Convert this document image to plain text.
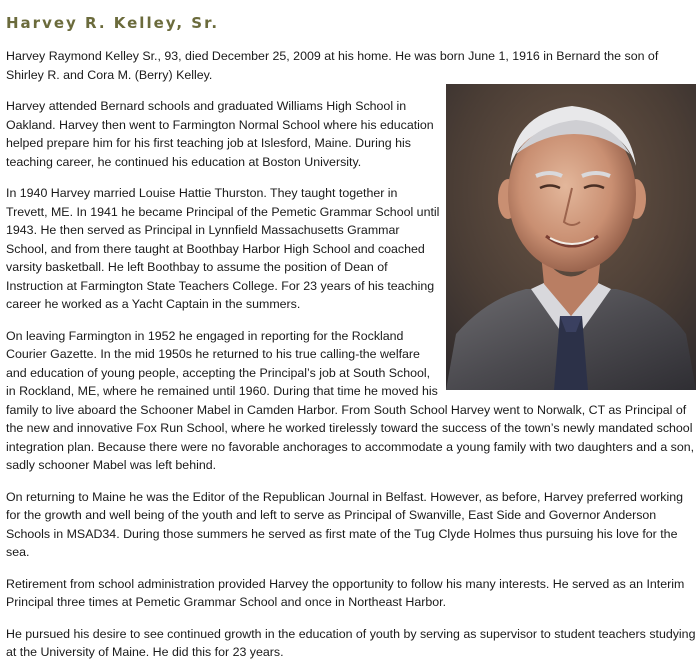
Harvey R. Kelley, Sr.

Harvey Raymond Kelley Sr., 93, died December 25, 2009 at his home. He was born June 1, 1916 in Bernard the son of Shirley R. and Cora M. (Berry) Kelley.

Harvey attended Bernard schools and graduated Williams High School in Oakland. Harvey then went to Farmington Normal School where his education helped prepare him for his first teaching job at Islesford, Maine. During his teaching career, he continued his education at Boston University.

In 1940 Harvey married Louise Hattie Thurston. They taught together in Trevett, ME. In 1941 he became Principal of the Pemetic Grammar School until 1943. He then served as Principal in Lynnfield Massachusetts Grammar School, and from there taught at Boothbay Harbor High School and coached varsity basketball. He left Boothbay to assume the position of Dean of Instruction at Farmington State Teachers College. For 23 years of his teaching career he worked as a Yacht Captain in the summers.

On leaving Farmington in 1952 he engaged in reporting for the Rockland Courier Gazette. In the mid 1950s he returned to his true calling-the welfare and education of young people, accepting the Principal’s job at South School, in Rockland, ME, where he remained until 1960. During that time he moved his family to live aboard the Schooner Mabel in Camden Harbor. From South School Harvey went to Norwalk, CT as Principal of the new and innovative Fox Run School, where he worked tirelessly toward the success of the town’s newly mandated school integration plan. Because there were no favorable anchorages to accommodate a young family with two daughters and a son, sadly schooner Mabel was left behind.

On returning to Maine he was the Editor of the Republican Journal in Belfast. However, as before, Harvey preferred working for the growth and well being of the youth and left to serve as Principal of Swanville, East Side and Governor Anderson Schools in MSAD34. During those summers he served as first mate of the Tug Clyde Holmes thus pursuing his love for the sea.

Retirement from school administration provided Harvey the opportunity to follow his many interests. He served as an Interim Principal three times at Pemetic Grammar School and once in Northeast Harbor.

He pursued his desire to see continued growth in the education of youth by serving as supervisor to student teachers studying at the University of Maine. He did this for 23 years.
